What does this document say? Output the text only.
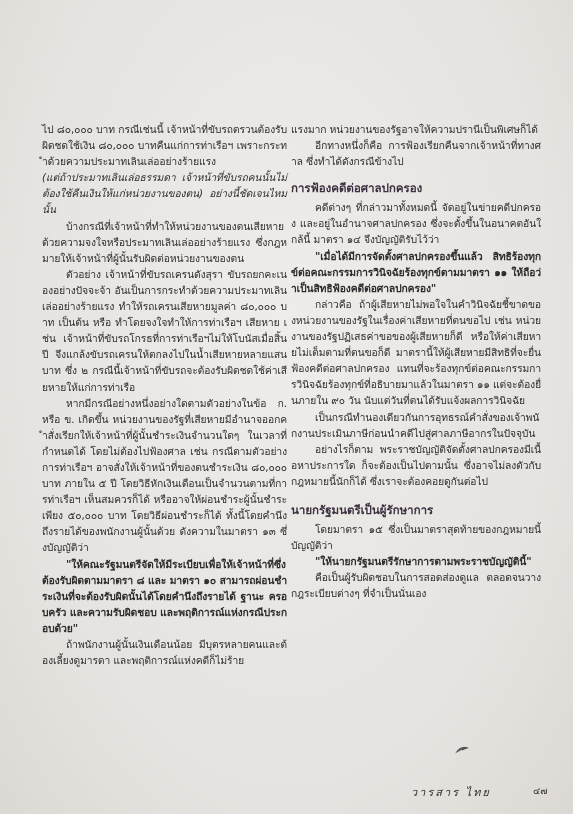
ไป ๘๐,๐๐๐ บาท กรณีเช่นนี้ เจ้าหน้าที่ขับรถตรวนต้องรับผิดชดใช้เงิน ๘๐,๐๐๐ บาทคืนแก่การท่าเรือฯ เพราะกระทำด้วยความประมาทเลินเล่ออย่างร้ายแรง

(แต่ถ้าประมาทเลินเล่อธรรมดา เจ้าหน้าที่ขับรถคนนั้นไม่ต้องใช้คืนเงินให้แก่หน่วยงานของตน) อย่างนี้ชัดเจนไหมนั้น

บ้างกรณีที่เจ้าหน้าที่ทำให้หน่วยงานของตนเสียหายด้วยความจงใจหรือประมาทเลินเล่ออย่างร้ายแรง ซึ่งกฎหมายให้เจ้าหน้าที่ผู้นั้นรับผิดต่อหน่วยงานของตน

ตัวอย่าง เจ้าหน้าที่ขับรถเครนดังสุรา ขับรถยกคะเนองอย่างปัจจะจ้า อันเป็นการกระทำด้วยความประมาทเลินเล่ออย่างร้ายแรง ทำให้รถเครนเสียหายมูลค่า ๘๐,๐๐๐ บาท เป็นต้น หรือ ทำโดยจงใจทำให้การท่าเรือฯ เสียหาย เช่น เจ้าหน้าที่ขับรถโกรธที่การท่าเรือฯไม่ให้โบนัสเมื่อสิ้นปี จึงแกล้งขับรถเครนให้ตกลงไปในน้ำเสียหายหลายแสนบาท ซึ่ง ๒ กรณีนี้เจ้าหน้าที่ขับรถจะต้องรับผิดชดใช้ค่าเสียหายให้แก่การท่าเรือ

หากมีกรณีอย่างหนึ่งอย่างใดตามตัวอย่างในข้อ ก. หรือ ข. เกิดขึ้น หน่วยงานของรัฐที่เสียหายมีอำนาจออกคำสั่งเรียกให้เจ้าหน้าที่ผู้นั้นชำระเงินจำนวนใดๆ ในเวลาที่กำหนดได้ โดยไม่ต้องไปฟ้องศาล เช่น กรณีตามตัวอย่าง การท่าเรือฯ อาจสั่งให้เจ้าหน้าที่ของตนชำระเงิน ๘๐,๐๐๐ บาท ภายใน ๕ ปี โดยวิธีหักเงินเดือนเป็นจำนวนตามที่การท่าเรือฯ เห็นสมควรก็ได้ หรืออาจให้ผ่อนชำระผู้นั้นชำระเพียง ๕๐,๐๐๐ บาท โดยวิธีผ่อนชำระก็ได้ ทั้งนี้โดยคำนึงถึงรายได้ของพนักงานผู้นั้นด้วย ดังความในมาตรา ๑๓ ซึ่งบัญญัติว่า

"ให้คณะรัฐมนตรีจัดให้มีระเบียบเพื่อให้เจ้าหน้าที่ซึ่งต้องรับผิดตามมาตรา ๘ และ มาตรา ๑๐ สามารถผ่อนชำระเงินที่จะต้องรับผิดนั้นได้โดยคำนึงถึงรายได้ ฐานะ ครอบครัว และความรับผิดชอบ และพฤติการณ์แห่งกรณีประกอบด้วย"

ถ้าพนักงานผู้นั้นเงินเดือนน้อย มีบุตรหลายคนและต้องเลี้ยงดูมารดา และพฤติการณ์แห่งคดีก็ไม่ร้าย

แรงมาก หน่วยงานของรัฐอาจให้ความปรานีเป็นพิเศษก็ได้

อีกทางหนึ่งก็คือ การฟ้องเรียกคืนจากเจ้าหน้าที่ทางศาล ซึ่งทำได้ดังกรณีข้างไป

การฟ้องคดีต่อศาลปกครอง

คดีต่างๆ ที่กล่าวมาทั้งหมดนี้ จัดอยู่ในข่ายคดีปกครอง และอยู่ในอำนาจศาลปกครอง ซึ่งจะตั้งขึ้นในอนาคตอันใกล้นี้ มาตรา ๑๔ จึงบัญญัติรับไว้ว่า

"เมื่อได้มีการจัดตั้งศาลปกครองขึ้นแล้ว สิทธิร้องทุกข์ต่อคณะกรรมการวินิจฉัยร้องทุกข์ตามมาตรา ๑๑ ให้ถือว่าเป็นสิทธิฟ้องคดีต่อศาลปกครอง"

กล่าวคือ ถ้าผู้เสียหายไม่พอใจในคำวินิจฉัยชี้ขาดของหน่วยงานของรัฐในเรื่องค่าเสียหายที่ตนขอไป เช่น หน่วยงานของรัฐปฏิเสธค่าขอของผู้เสียหายก็ดี หรือให้ค่าเสียหายไม่เต็มตามที่ตนขอก็ดี มาตรานี้ให้ผู้เสียหายมีสิทธิที่จะยื่นฟ้องคดีต่อศาลปกครอง แทนที่จะร้องทุกข์ต่อคณะกรรมการวินิจฉัยร้องทุกข์ที่อธิบายมาแล้วในมาตรา ๑๑ แต่จะต้องยื่นภายใน ๙๐ วัน นับแต่วันที่ตนได้รับแจ้งผลการวินิจฉัย

เป็นกรณีทำนองเดียวกันการอุทธรณ์คำสั่งของเจ้าพนักงานประเมินภาษีก่อนนำคดีไปสู่ศาลภาษีอากรในปัจจุบัน

อย่างไรก็ตาม พระราชบัญญัติจัดตั้งศาลปกครองมีเนื้อหาประการใด ก็จะต้องเป็นไปตามนั้น ซึ่งอาจไม่ลงตัวกับกฎหมายนี้นักก็ได้ ซึ่งเราจะต้องคอยดูกันต่อไป

นายกรัฐมนตรีเป็นผู้รักษาการ

โดยมาตรา ๑๕ ซึ่งเป็นมาตราสุดท้ายของกฎหมายนี้บัญญัติว่า

"ให้นายกรัฐมนตรีรักษาการตามพระราชบัญญัตินี้"

คือเป็นผู้รับผิดชอบในการสอดส่องดูแล ตลอดจนวางกฎระเบียบต่างๆ ที่จำเป็นนั่นเอง

วารสาร ไทย	๔๗
